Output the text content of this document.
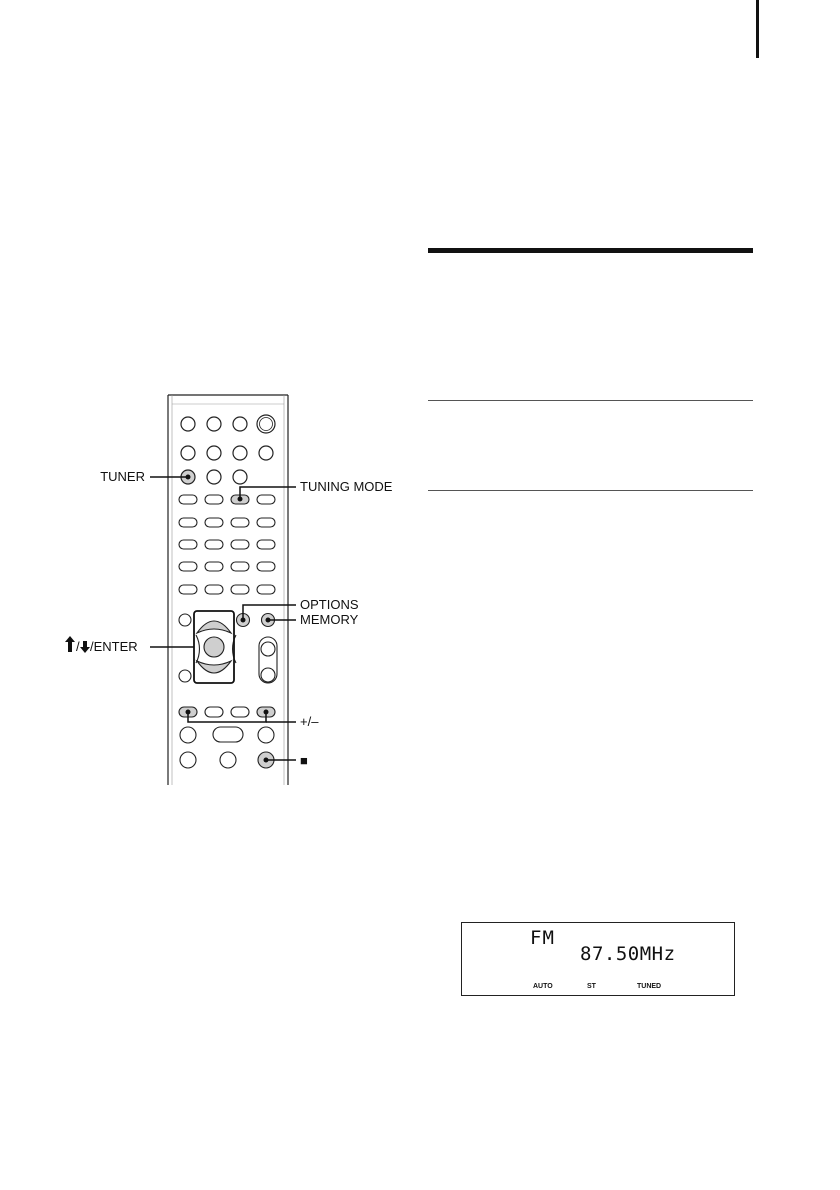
TUNER
TUNING MODE
OPTIONS
MEMORY
/ /ENTER
+/–
■
FM
87.50MHz
AUTO	ST	TUNED
